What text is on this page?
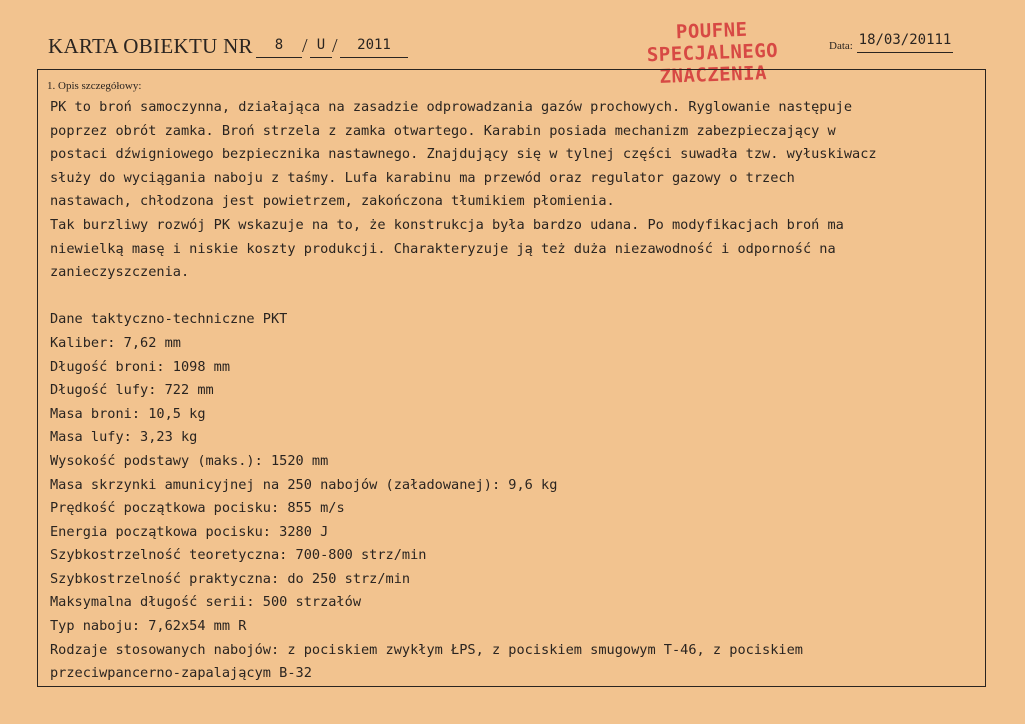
KARTA OBIEKTU NR	8 / U /	2011
POUFNE
SPECJALNEGO
ZNACZENIA
Data: 18/03/20111
1. Opis szczegółowy:

PK to broń samoczynna, działająca na zasadzie odprowadzania gazów prochowych. Ryglowanie następuje

poprzez obrót zamka. Broń strzela z zamka otwartego. Karabin posiada mechanizm zabezpieczający w

postaci dźwigniowego bezpiecznika nastawnego. Znajdujący się w tylnej części suwadła tzw. wyłuskiwacz

służy do wyciągania naboju z taśmy. Lufa karabinu ma przewód oraz regulator gazowy o trzech

nastawach, chłodzona jest powietrzem, zakończona tłumikiem płomienia.

Tak burzliwy rozwój PK wskazuje na to, że konstrukcja była bardzo udana. Po modyfikacjach broń ma

niewielką masę i niskie koszty produkcji. Charakteryzuje ją też duża niezawodność i odporność na

zanieczyszczenia.

Dane taktyczno-techniczne PKT

Kaliber: 7,62 mm

Długość broni: 1098 mm

Długość lufy: 722 mm

Masa broni: 10,5 kg

Masa lufy: 3,23 kg

Wysokość podstawy (maks.): 1520 mm

Masa skrzynki amunicyjnej na 250 nabojów (załadowanej): 9,6 kg

Prędkość początkowa pocisku: 855 m/s

Energia początkowa pocisku: 3280 J

Szybkostrzelność teoretyczna: 700-800 strz/min

Szybkostrzelność praktyczna: do 250 strz/min

Maksymalna długość serii: 500 strzałów

Typ naboju: 7,62x54 mm R

Rodzaje stosowanych nabojów: z pociskiem zwykłym ŁPS, z pociskiem smugowym T-46, z pociskiem

przeciwpancerno-zapalającym B-32
